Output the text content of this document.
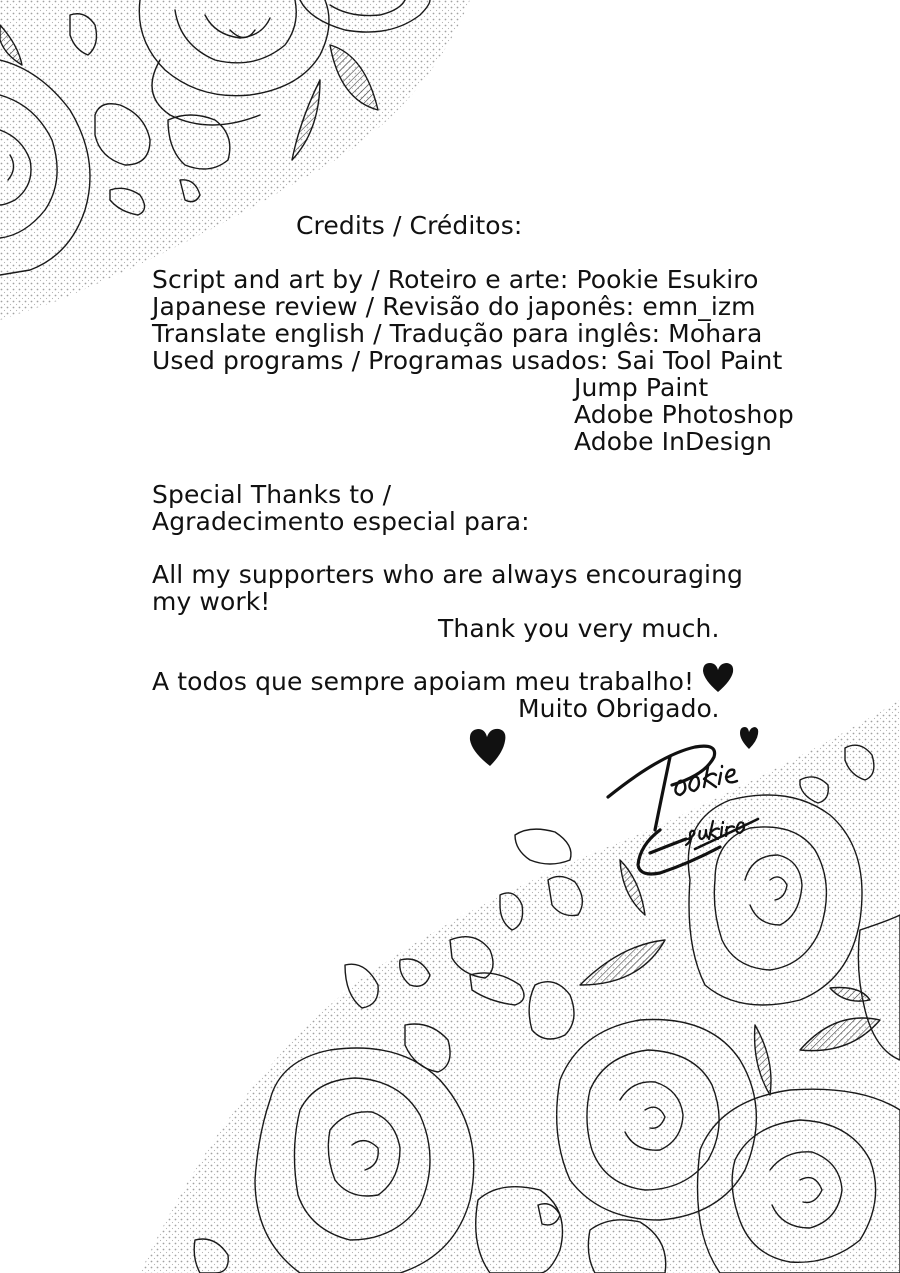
Credits / Créditos:
Script and art by / Roteiro e arte: Pookie Esukiro
Japanese review / Revisão do japonês: emn_izm
Translate english / Tradução para inglês: Mohara
Used programs / Programas usados: Sai Tool Paint
Jump Paint
Adobe Photoshop
Adobe InDesign
Special Thanks to /
Agradecimento especial para:
All my supporters who are always encouraging
my work!
Thank you very much.
A todos que sempre apoiam meu trabalho!
Muito Obrigado.
